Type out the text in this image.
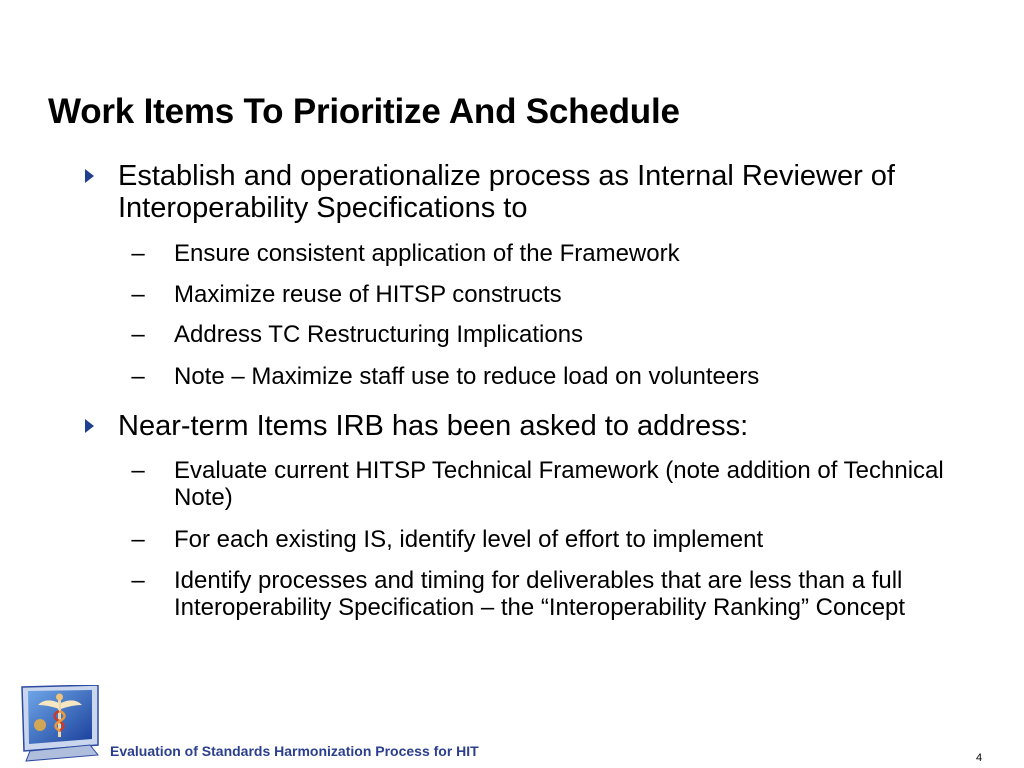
Work Items To Prioritize And Schedule
Establish and operationalize process as Internal Reviewer of Interoperability Specifications to
– Ensure consistent application of the Framework
– Maximize reuse of HITSP constructs
– Address TC Restructuring Implications
– Note – Maximize staff use to reduce load on volunteers
Near-term Items IRB has been asked to address:
– Evaluate current HITSP Technical Framework (note addition of Technical Note)
– For each existing IS, identify level of effort to implement
– Identify processes and timing for deliverables that are less than a full Interoperability Specification – the “Interoperability Ranking” Concept
Evaluation of Standards Harmonization Process for HIT	4
